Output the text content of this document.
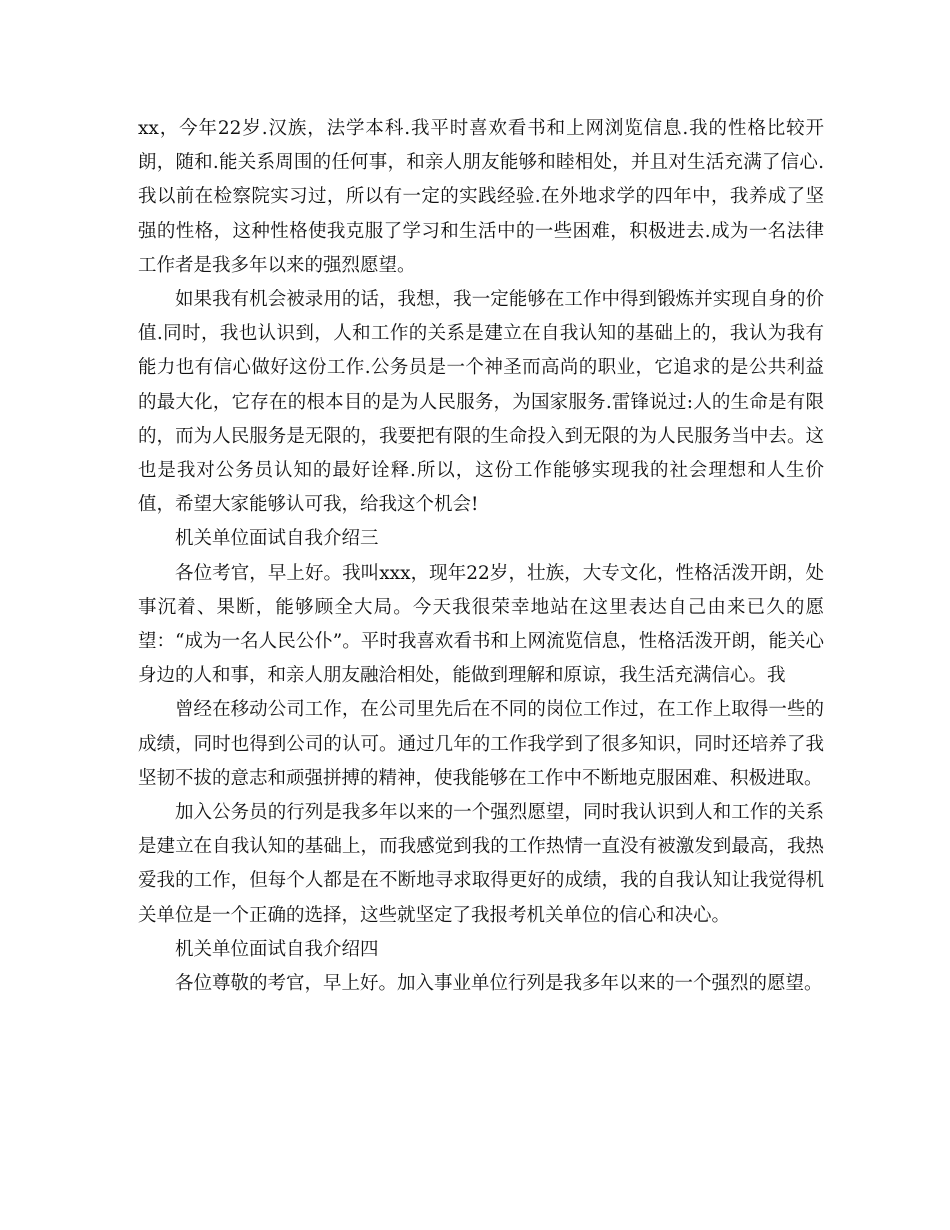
xx，今年22岁.汉族，法学本科.我平时喜欢看书和上网浏览信息.我的性格比较开朗，随和.能关系周围的任何事，和亲人朋友能够和睦相处，并且对生活充满了信心.我以前在检察院实习过，所以有一定的实践经验.在外地求学的四年中，我养成了坚强的性格，这种性格使我克服了学习和生活中的一些困难，积极进去.成为一名法律工作者是我多年以来的强烈愿望。

如果我有机会被录用的话，我想，我一定能够在工作中得到锻炼并实现自身的价值.同时，我也认识到，人和工作的关系是建立在自我认知的基础上的，我认为我有能力也有信心做好这份工作.公务员是一个神圣而高尚的职业，它追求的是公共利益的最大化，它存在的根本目的是为人民服务，为国家服务.雷锋说过:人的生命是有限的，而为人民服务是无限的，我要把有限的生命投入到无限的为人民服务当中去。这也是我对公务员认知的最好诠释.所以，这份工作能够实现我的社会理想和人生价值，希望大家能够认可我，给我这个机会!

机关单位面试自我介绍三

各位考官，早上好。我叫xxx，现年22岁，壮族，大专文化，性格活泼开朗，处事沉着、果断，能够顾全大局。今天我很荣幸地站在这里表达自己由来已久的愿望：“成为一名人民公仆”。平时我喜欢看书和上网流览信息，性格活泼开朗，能关心身边的人和事，和亲人朋友融洽相处，能做到理解和原谅，我生活充满信心。我

曾经在移动公司工作，在公司里先后在不同的岗位工作过，在工作上取得一些的成绩，同时也得到公司的认可。通过几年的工作我学到了很多知识，同时还培养了我坚韧不拔的意志和顽强拼搏的精神，使我能够在工作中不断地克服困难、积极进取。

加入公务员的行列是我多年以来的一个强烈愿望，同时我认识到人和工作的关系是建立在自我认知的基础上，而我感觉到我的工作热情一直没有被激发到最高，我热爱我的工作，但每个人都是在不断地寻求取得更好的成绩，我的自我认知让我觉得机关单位是一个正确的选择，这些就坚定了我报考机关单位的信心和决心。

机关单位面试自我介绍四

各位尊敬的考官，早上好。加入事业单位行列是我多年以来的一个强烈的愿望。
